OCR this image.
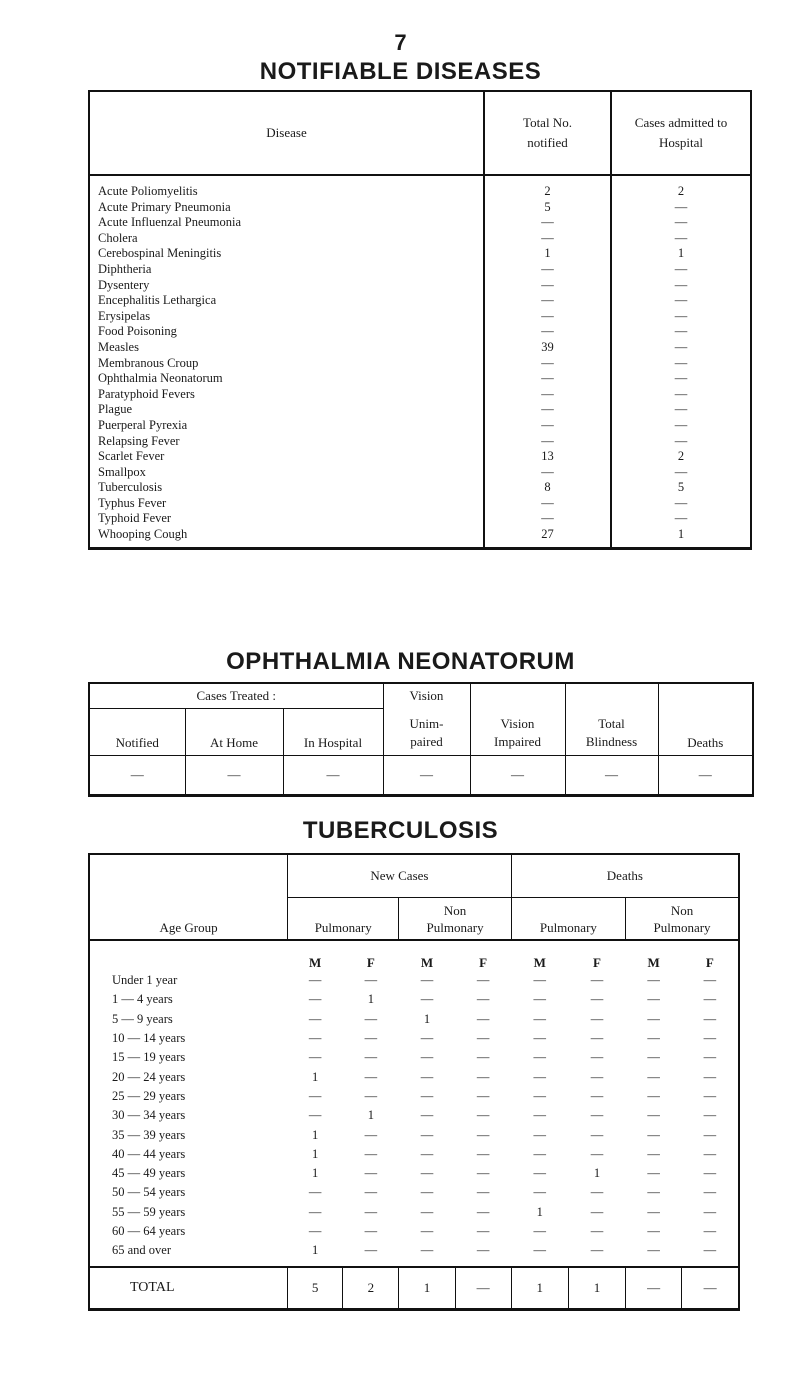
7
NOTIFIABLE DISEASES
Disease	Total No. notified	Cases admitted to Hospital
Acute Poliomyelitis	2	2
Acute Primary Pneumonia	5	—
Acute Influenzal Pneumonia	—	—
Cholera	—	—
Cerebospinal Meningitis	1	1
Diphtheria	—	—
Dysentery	—	—
Encephalitis Lethargica	—	—
Erysipelas	—	—
Food Poisoning	—	—
Measles	39	—
Membranous Croup	—	—
Ophthalmia Neonatorum	—	—
Paratyphoid Fevers	—	—
Plague	—	—
Puerperal Pyrexia	—	—
Relapsing Fever	—	—
Scarlet Fever	13	2
Smallpox	—	—
Tuberculosis	8	5
Typhus Fever	—	—
Typhoid Fever	—	—
Whooping Cough	27	1

OPHTHALMIA NEONATORUM
Cases Treated :			Vision	Vision Impaired	Total Blindness	Deaths
Notified	At Home	In Hospital	Unim- paired			
—	—	—	—	—	—	—
TUBERCULOSIS
Age Group	New Cases				Deaths			
	Pulmonary		Non Pulmonary		Pulmonary		Non Pulmonary	
	M	F	M	F	M	F	M	F
Under 1 year	—	—	—	—	—	—	—	—
1 — 4 years	—	1	—	—	—	—	—	—
5 — 9 years	—	—	1	—	—	—	—	—
10 — 14 years	—	—	—	—	—	—	—	—
15 — 19 years	—	—	—	—	—	—	—	—
20 — 24 years	1	—	—	—	—	—	—	—
25 — 29 years	—	—	—	—	—	—	—	—
30 — 34 years	—	1	—	—	—	—	—	—
35 — 39 years	1	—	—	—	—	—	—	—
40 — 44 years	1	—	—	—	—	—	—	—
45 — 49 years	1	—	—	—	—	1	—	—
50 — 54 years	—	—	—	—	—	—	—	—
55 — 59 years	—	—	—	—	1	—	—	—
60 — 64 years	—	—	—	—	—	—	—	—
65 and over	1	—	—	—	—	—	—	—

TOTAL	5	2	1	—	1	1	—	—
